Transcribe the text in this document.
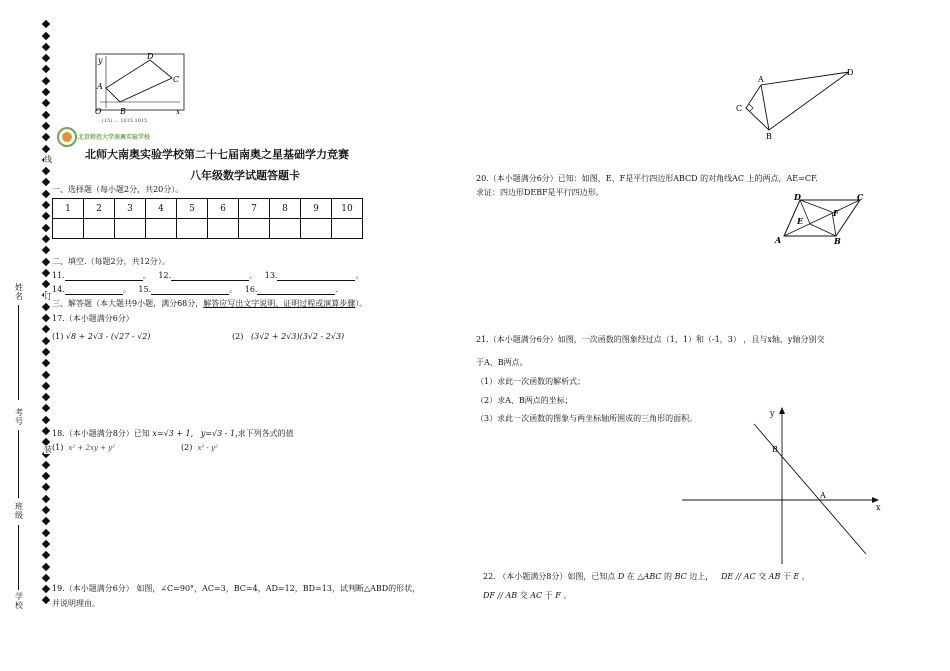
姓名
考号
班级
学校
线
订
装
y	D
C
A
O B	x
(15) ... 1015 1015
北京师范大学南奥实验学校
北师大南奥实验学校第二十七届南奥之星基础学力竞赛
八年级数学试题答题卡
一、选择题（每小题2分，共20分）。
1	2	3	4	5	6	7	8	9	10

二、填空.（每题2分，共12分）。
11.	。 12.	。 13.	。
14.	。 15.	。 16.	.
三、解答题（本大题共9小题，满分68分，解答应写出文字说明、证明过程或演算步骤）。
17.（本小题满分6分）
(1) √8 + 2√3 - (√27 - √2)	(2) (3√2 + 2√3)(3√2 - 2√3)
18.（本小题满分8分）已知 x=√3 + 1, y=√3 - 1,求下列各式的值
(1) x² + 2xy + y²	(2) x² - y²
19.（本小题满分6分） 如图，∠C=90°，AC=3，BC=4，AD=12，BD=13，试判断△ABD的形状，
并说明理由。
A
C
D
B
20.（本小题满分6分）已知：如图，E、F是平行四边形ABCD 的对角线AC 上的两点，AE=CF.
求证：四边形DEBF是平行四边形。	D	C
E
F
A	B
21.（本小题满分6分）如图，一次函数的图象经过点（1，1）和（-1，3） ，且与x轴、y轴分别交
于A、B两点。
（1）求此一次函数的解析式；
（2）求A、B两点的坐标；
（3）求此一次函数的图象与两坐标轴所围成的三角形的面积。
y
B
A
x
22. （本小题满分8分）如图，已知点 D 在 △ABC 的 BC 边上， DE // AC 交 AB 于 E ，
DF // AB 交 AC 于 F 。
